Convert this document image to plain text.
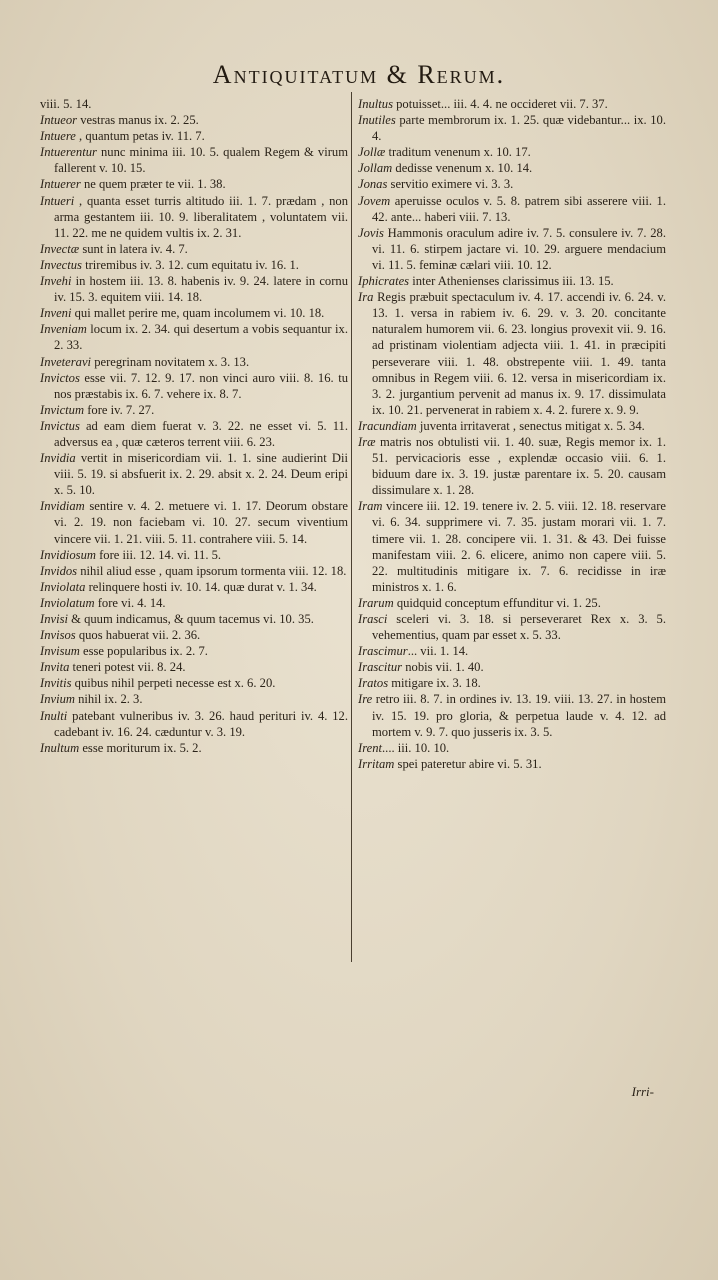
Antiquitatum & Rerum.

viii. 5. 14.

Intueor vestras manus ix. 2. 25.

Intuere , quantum petas iv. 11. 7.

Intuerentur nunc minima iii. 10. 5. qualem Regem & virum fallerent v. 10. 15.

Intuerer ne quem præter te vii. 1. 38.

Intueri , quanta esset turris altitudo iii. 1. 7. prædam , non arma gestantem iii. 10. 9. liberalitatem , voluntatem vii. 11. 22. me ne quidem vultis ix. 2. 31.

Invectæ sunt in latera iv. 4. 7.

Invectus triremibus iv. 3. 12. cum equitatu iv. 16. 1.

Invehi in hostem iii. 13. 8. habenis iv. 9. 24. latere in cornu iv. 15. 3. equitem viii. 14. 18.

Inveni qui mallet perire me, quam incolumem vi. 10. 18.

Inveniam locum ix. 2. 34. qui desertum a vobis sequantur ix. 2. 33.

Inveteravi peregrinam novitatem x. 3. 13.

Invictos esse vii. 7. 12. 9. 17. non vinci auro viii. 8. 16. tu nos præstabis ix. 6. 7. vehere ix. 8. 7.

Invictum fore iv. 7. 27.

Invictus ad eam diem fuerat v. 3. 22. ne esset vi. 5. 11. adversus ea , quæ cæteros terrent viii. 6. 23.

Invidia vertit in misericordiam vii. 1. 1. sine audierint Dii viii. 5. 19. si absfuerit ix. 2. 29. absit x. 2. 24. Deum eripi x. 5. 10.

Invidiam sentire v. 4. 2. metuere vi. 1. 17. Deorum obstare vi. 2. 19. non faciebam vi. 10. 27. secum viventium vincere vii. 1. 21. viii. 5. 11. contrahere viii. 5. 14.

Invidiosum fore iii. 12. 14. vi. 11. 5.

Invidos nihil aliud esse , quam ipsorum tormenta viii. 12. 18.

Inviolata relinquere hosti iv. 10. 14. quæ durat v. 1. 34.

Inviolatum fore vi. 4. 14.

Invisi & quum indicamus, & quum tacemus vi. 10. 35.

Invisos quos habuerat vii. 2. 36.

Invisum esse popularibus ix. 2. 7.

Invita teneri potest vii. 8. 24.

Invitis quibus nihil perpeti necesse est x. 6. 20.

Invium nihil ix. 2. 3.

Inulti patebant vulneribus iv. 3. 26. haud perituri iv. 4. 12. cadebant iv. 16. 24. cæduntur v. 3. 19.

Inultum esse moriturum ix. 5. 2.

Inultus potuisset... iii. 4. 4. ne occideret vii. 7. 37.

Inutiles parte membrorum ix. 1. 25. quæ videbantur... ix. 10. 4.

Jollæ traditum venenum x. 10. 17.

Jollam dedisse venenum x. 10. 14.

Jonas servitio eximere vi. 3. 3.

Jovem aperuisse oculos v. 5. 8. patrem sibi asserere viii. 1. 42. ante... haberi viii. 7. 13.

Jovis Hammonis oraculum adire iv. 7. 5. consulere iv. 7. 28. vi. 11. 6. stirpem jactare vi. 10. 29. arguere mendacium vi. 11. 5. feminæ cælari viii. 10. 12.

Iphicrates inter Athenienses clarissimus iii. 13. 15.

Ira Regis præbuit spectaculum iv. 4. 17. accendi iv. 6. 24. v. 13. 1. versa in rabiem iv. 6. 29. v. 3. 20. concitante naturalem humorem vii. 6. 23. longius provexit vii. 9. 16. ad pristinam violentiam adjecta viii. 1. 41. in præcipiti perseverare viii. 1. 48. obstrepente viii. 1. 49. tanta omnibus in Regem viii. 6. 12. versa in misericordiam ix. 3. 2. jurgantium pervenit ad manus ix. 9. 17. dissimulata ix. 10. 21. pervenerat in rabiem x. 4. 2. furere x. 9. 9.

Iracundiam juventa irritaverat , senectus mitigat x. 5. 34.

Iræ matris nos obtulisti vii. 1. 40. suæ, Regis memor ix. 1. 51. pervicacioris esse , explendæ occasio viii. 6. 1. biduum dare ix. 3. 19. justæ parentare ix. 5. 20. causam dissimulare x. 1. 28.

Iram vincere iii. 12. 19. tenere iv. 2. 5. viii. 12. 18. reservare vi. 6. 34. supprimere vi. 7. 35. justam morari vii. 1. 7. timere vii. 1. 28. concipere vii. 1. 31. & 43. Dei fuisse manifestam viii. 2. 6. elicere, animo non capere viii. 5. 22. multitudinis mitigare ix. 7. 6. recidisse in iræ ministros x. 1. 6.

Irarum quidquid conceptum effunditur vi. 1. 25.

Irasci sceleri vi. 3. 18. si perseveraret Rex x. 3. 5. vehementius, quam par esset x. 5. 33.

Irascimur... vii. 1. 14.

Irascitur nobis vii. 1. 40.

Iratos mitigare ix. 3. 18.

Ire retro iii. 8. 7. in ordines iv. 13. 19. viii. 13. 27. in hostem iv. 15. 19. pro gloria, & perpetua laude v. 4. 12. ad mortem v. 9. 7. quo jusseris ix. 3. 5.

Irent.... iii. 10. 10.

Irritam spei pateretur abire vi. 5. 31.

Irri-
